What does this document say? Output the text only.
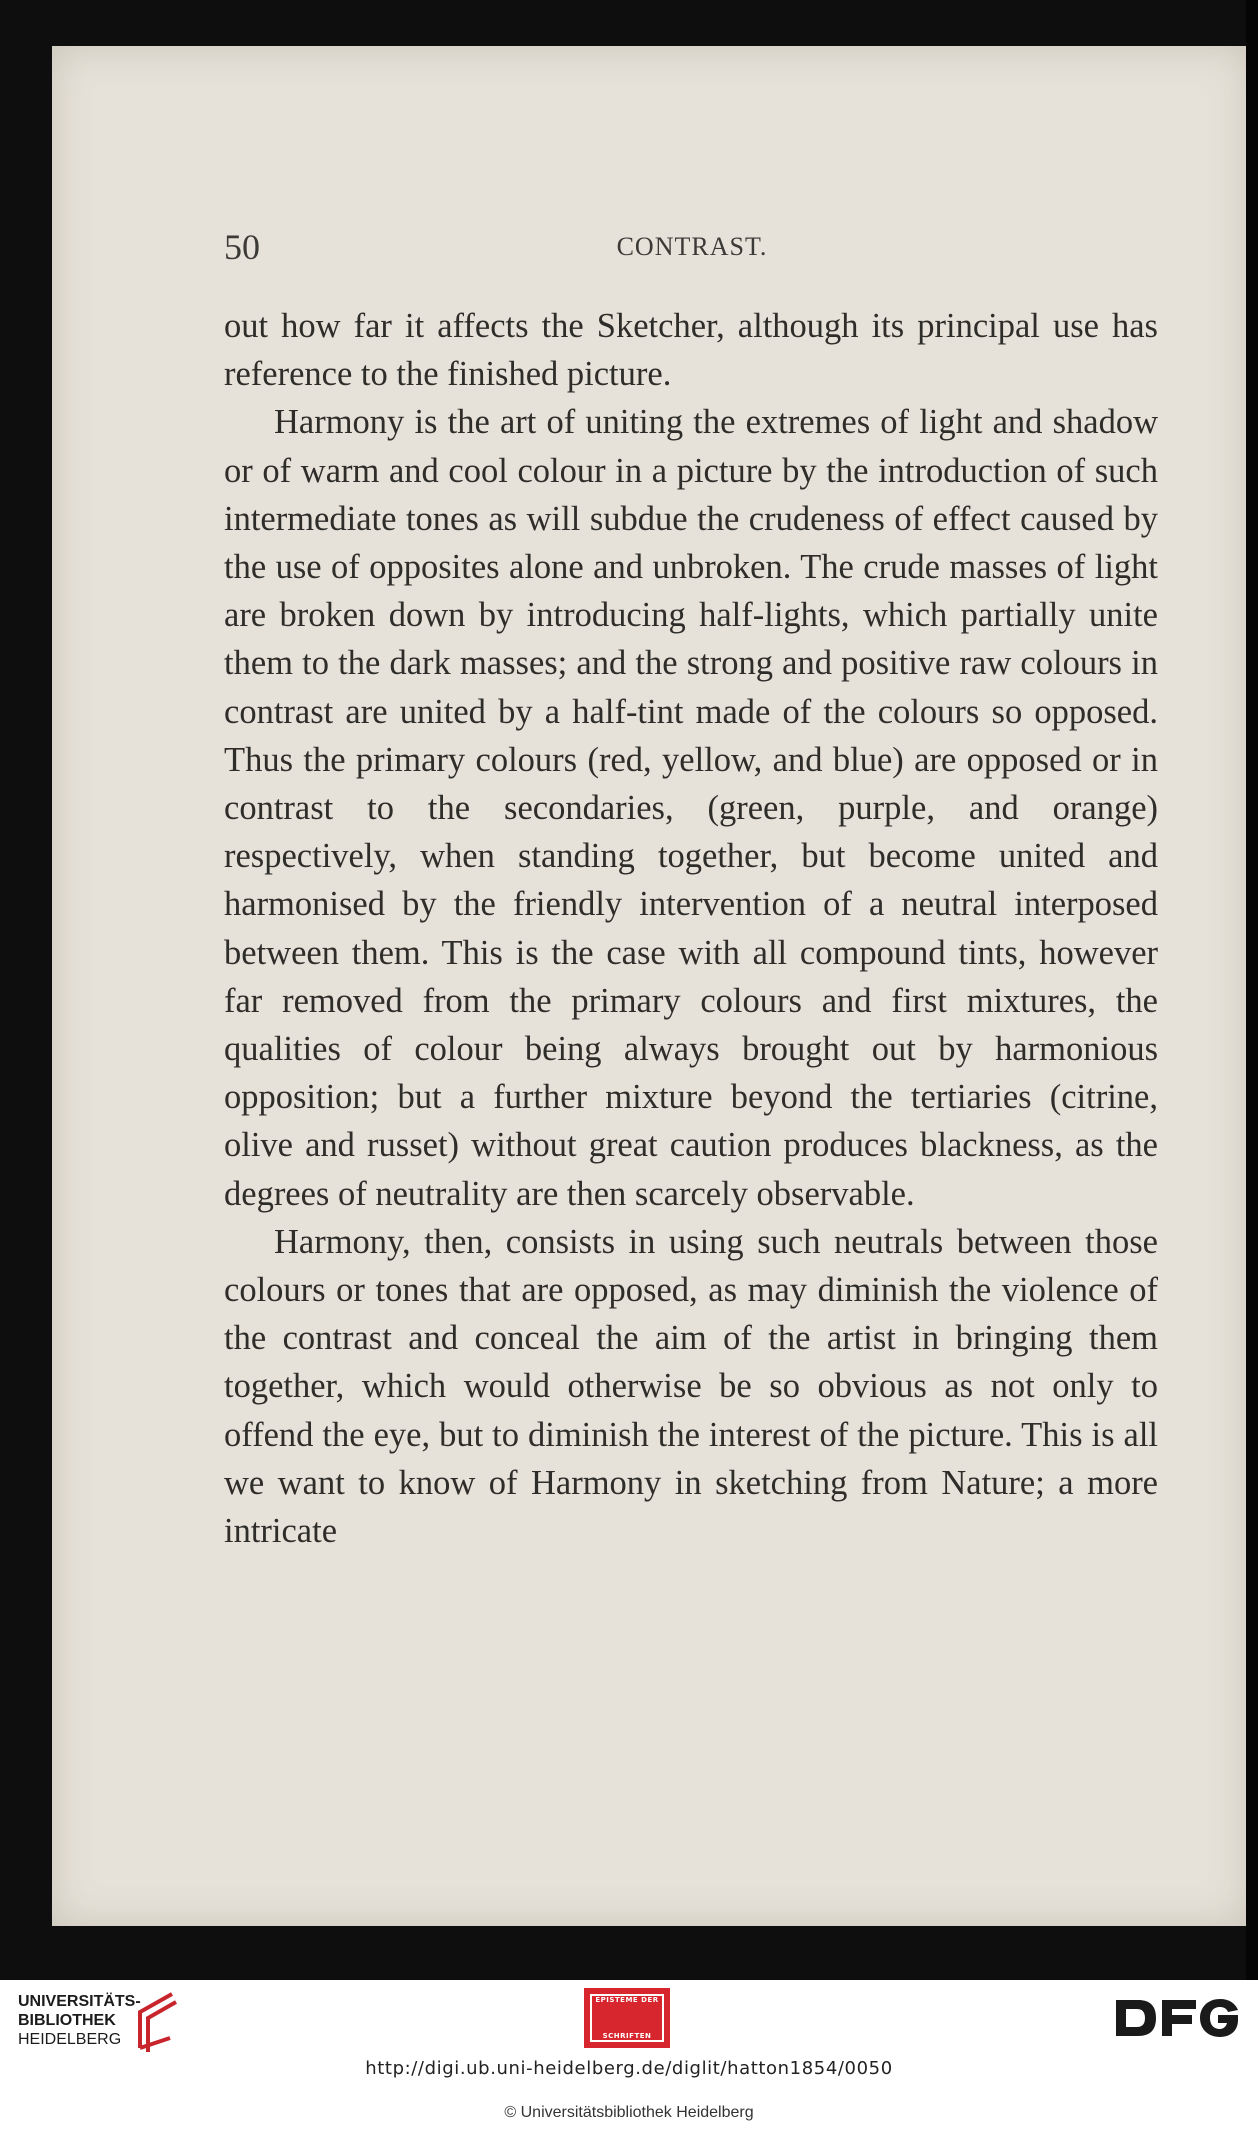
50	CONTRAST.

out how far it affects the Sketcher, although its principal use has reference to the finished picture.

Harmony is the art of uniting the extremes of light and shadow or of warm and cool colour in a picture by the introduction of such intermediate tones as will subdue the crudeness of effect caused by the use of opposites alone and unbroken. The crude masses of light are broken down by introducing half-lights, which partially unite them to the dark masses; and the strong and positive raw colours in contrast are united by a half-tint made of the colours so opposed. Thus the primary colours (red, yellow, and blue) are opposed or in contrast to the secondaries, (green, purple, and orange) respectively, when standing together, but become united and harmonised by the friendly intervention of a neutral interposed between them. This is the case with all compound tints, however far removed from the primary colours and first mixtures, the qualities of colour being always brought out by harmonious opposition; but a further mixture beyond the tertiaries (citrine, olive and russet) without great caution produces blackness, as the degrees of neutrality are then scarcely observable.

Harmony, then, consists in using such neutrals between those colours or tones that are opposed, as may diminish the violence of the contrast and conceal the aim of the artist in bringing them together, which would otherwise be so obvious as not only to offend the eye, but to diminish the interest of the picture. This is all we want to know of Harmony in sketching from Nature; a more intricate

UNIVERSITÄTS-
BIBLIOTHEK
HEIDELBERG
EPISTEME DER
SCHRIFTEN
http://digi.ub.uni-heidelberg.de/diglit/hatton1854/0050
© Universitätsbibliothek Heidelberg
